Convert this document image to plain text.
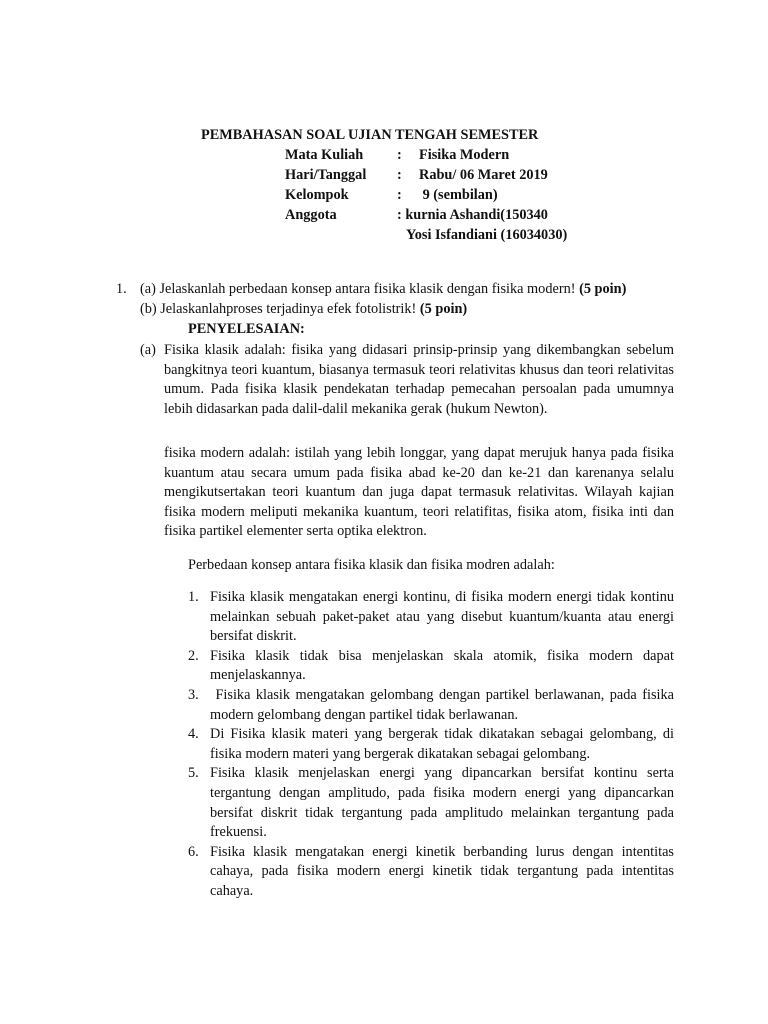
PEMBAHASAN SOAL UJIAN TENGAH SEMESTER
Mata Kuliah : Fisika Modern
Hari/Tanggal : Rabu/ 06 Maret 2019
Kelompok	: 9 (sembilan)
Anggota	: kurnia Ashandi(150340
Yosi Isfandiani (16034030)
1. (a) Jelaskanlah perbedaan konsep antara fisika klasik dengan fisika modern! (5 poin)
(b) Jelaskanlahproses terjadinya efek fotolistrik! (5 poin)
PENYELESAIAN:
(a) Fisika klasik adalah: fisika yang didasari prinsip-prinsip yang dikembangkan sebelum bangkitnya teori kuantum, biasanya termasuk teori relativitas khusus dan teori relativitas umum. Pada fisika klasik pendekatan terhadap pemecahan persoalan pada umumnya lebih didasarkan pada dalil-dalil mekanika gerak (hukum Newton).
fisika modern adalah: istilah yang lebih longgar, yang dapat merujuk hanya pada fisika kuantum atau secara umum pada fisika abad ke-20 dan ke-21 dan karenanya selalu mengikutsertakan teori kuantum dan juga dapat termasuk relativitas. Wilayah kajian fisika modern meliputi mekanika kuantum, teori relatifitas, fisika atom, fisika inti dan fisika partikel elementer serta optika elektron.
Perbedaan konsep antara fisika klasik dan fisika modren adalah:
1. Fisika klasik mengatakan energi kontinu, di fisika modern energi tidak kontinu melainkan sebuah paket-paket atau yang disebut kuantum/kuanta atau energi bersifat diskrit.
2. Fisika klasik tidak bisa menjelaskan skala atomik, fisika modern dapat menjelaskannya.
3. Fisika klasik mengatakan gelombang dengan partikel berlawanan, pada fisika modern gelombang dengan partikel tidak berlawanan.
4. Di Fisika klasik materi yang bergerak tidak dikatakan sebagai gelombang, di fisika modern materi yang bergerak dikatakan sebagai gelombang.
5. Fisika klasik menjelaskan energi yang dipancarkan bersifat kontinu serta tergantung dengan amplitudo, pada fisika modern energi yang dipancarkan bersifat diskrit tidak tergantung pada amplitudo melainkan tergantung pada frekuensi.
6. Fisika klasik mengatakan energi kinetik berbanding lurus dengan intentitas cahaya, pada fisika modern energi kinetik tidak tergantung pada intentitas cahaya.
